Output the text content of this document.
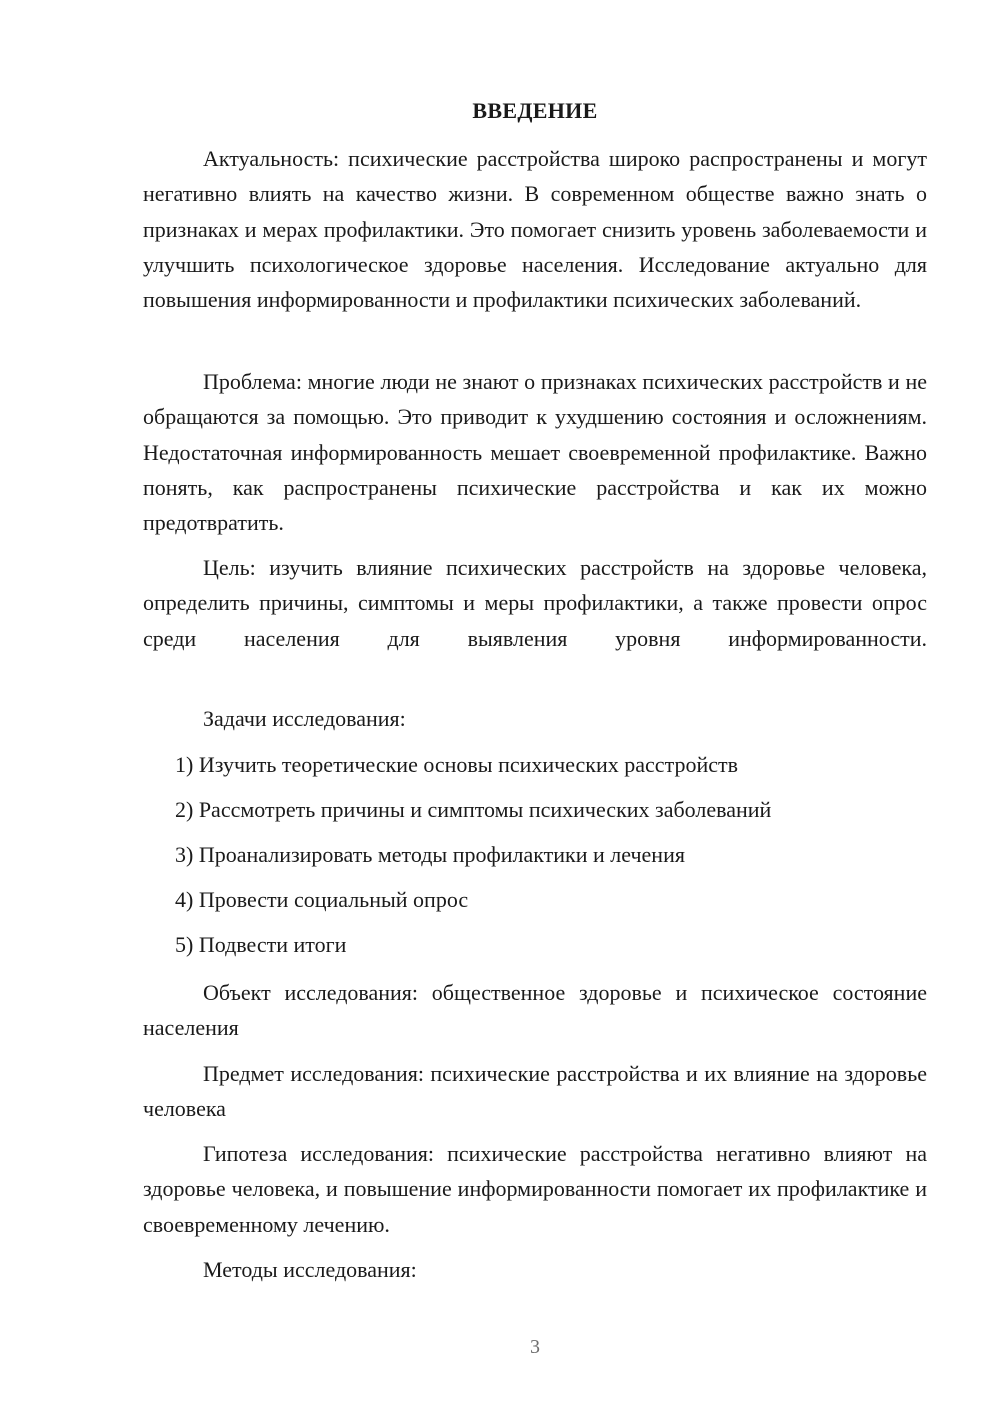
ВВЕДЕНИЕ

Актуальность: психические расстройства широко распространены и могут негативно влиять на качество жизни. В современном обществе важно знать о признаках и мерах профилактики. Это помогает снизить уровень заболеваемости и улучшить психологическое здоровье населения. Исследование актуально для повышения информированности и профилактики психических заболеваний.

Проблема: многие люди не знают о признаках психических расстройств и не обращаются за помощью. Это приводит к ухудшению состояния и осложнениям. Недостаточная информированность мешает своевременной профилактике. Важно понять, как распространены психические расстройства и как их можно предотвратить.

Цель: изучить влияние психических расстройств на здоровье человека, определить причины, симптомы и меры профилактики, а также провести опрос среди населения для выявления уровня информированности.

Задачи исследования:

1) Изучить теоретические основы психических расстройств

2) Рассмотреть причины и симптомы психических заболеваний

3) Проанализировать методы профилактики и лечения

4) Провести социальный опрос

5) Подвести итоги

Объект исследования: общественное здоровье и психическое состояние населения

Предмет исследования: психические расстройства и их влияние на здоровье человека

Гипотеза исследования: психические расстройства негативно влияют на здоровье человека, и повышение информированности помогает их профилактике и своевременному лечению.

Методы исследования:

3
